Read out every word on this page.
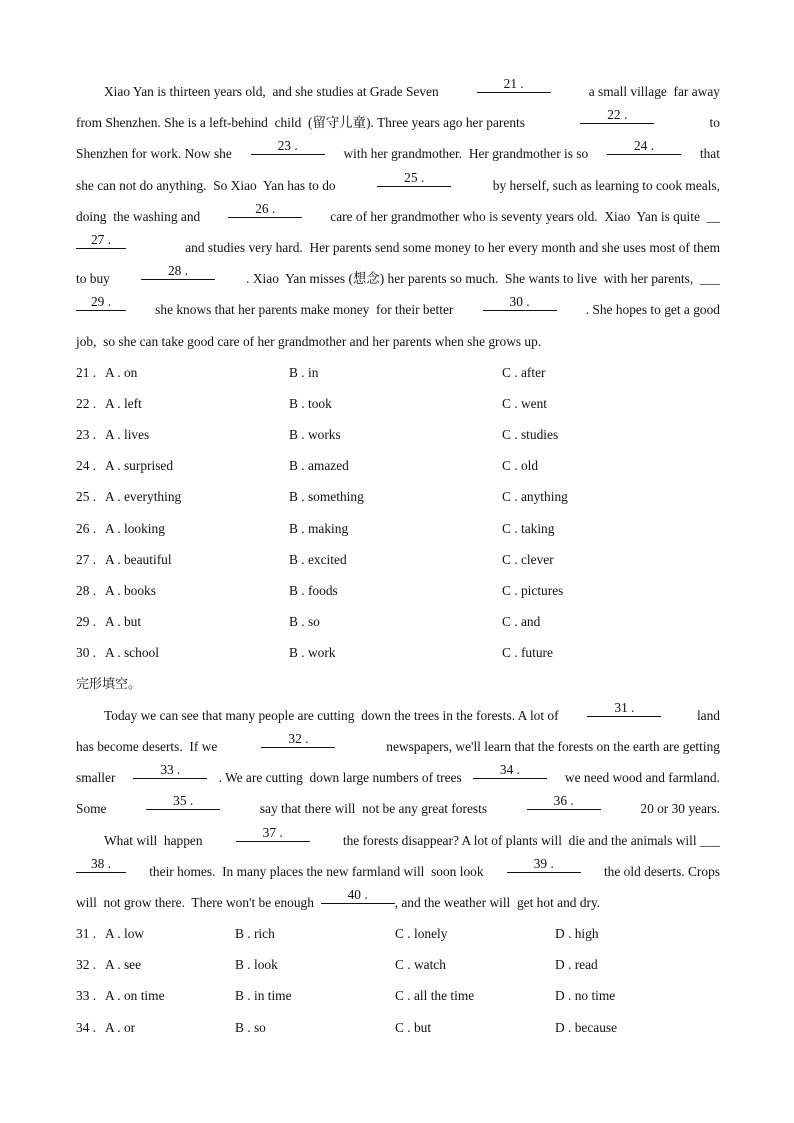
Xiao Yan is thirteen years old,  and she studies at Grade Seven
21 .
a small village  far away
from Shenzhen. She is a left-behind  child  (留守儿童). Three years ago her parents
22 .
to
Shenzhen for work. Now she
23 .
with her grandmother.  Her grandmother is so
24 .
that
she can not do anything.  So Xiao  Yan has to do
25 .
by herself, such as learning to cook meals,
doing  the washing and
26 .
care of her grandmother who is seventy years old.  Xiao  Yan is quite  __
27 .
and studies very hard.  Her parents send some money to her every month and she uses most of them
to buy
28 .
. Xiao  Yan misses (想念) her parents so much.  She wants to live  with her parents,  ___
29 .
she knows that her parents make money  for their better
30 .
. She hopes to get a good
job,  so she can take good care of her grandmother and her parents when she grows up.
21 . A . on	B . in	C . after
22 . A . left	B . took	C . went
23 . A . lives	B . works	C . studies
24 . A . surprised	B . amazed	C . old
25 . A . everything	B . something	C . anything
26 . A . looking	B . making	C . taking
27 . A . beautiful	B . excited	C . clever
28 . A . books	B . foods	C . pictures
29 . A . but	B . so	C . and
30 . A . school	B . work	C . future
完形填空。
Today we can see that many people are cutting  down the trees in the forests. A lot of
31 .
land
has become deserts.  If we
32 .
newspapers, we'll learn that the forests on the earth are getting
smaller
33 .
. We are cutting  down large numbers of trees
34 .
we need wood and farmland.
Some
35 .
say that there will  not be any great forests
36 .
20 or 30 years.
What will  happen
37 .
the forests disappear? A lot of plants will  die and the animals will ___
38 .
their homes.  In many places the new farmland will  soon look
39 .
the old deserts. Crops
will  not grow there.  There won't be enough
40 .
, and the weather will  get hot and dry.
31 . A . low	B . rich	C . lonely	D . high
32 . A . see	B . look	C . watch	D . read
33 . A . on time	B . in time	C . all the time	D . no time
34 . A . or	B . so	C . but	D . because
